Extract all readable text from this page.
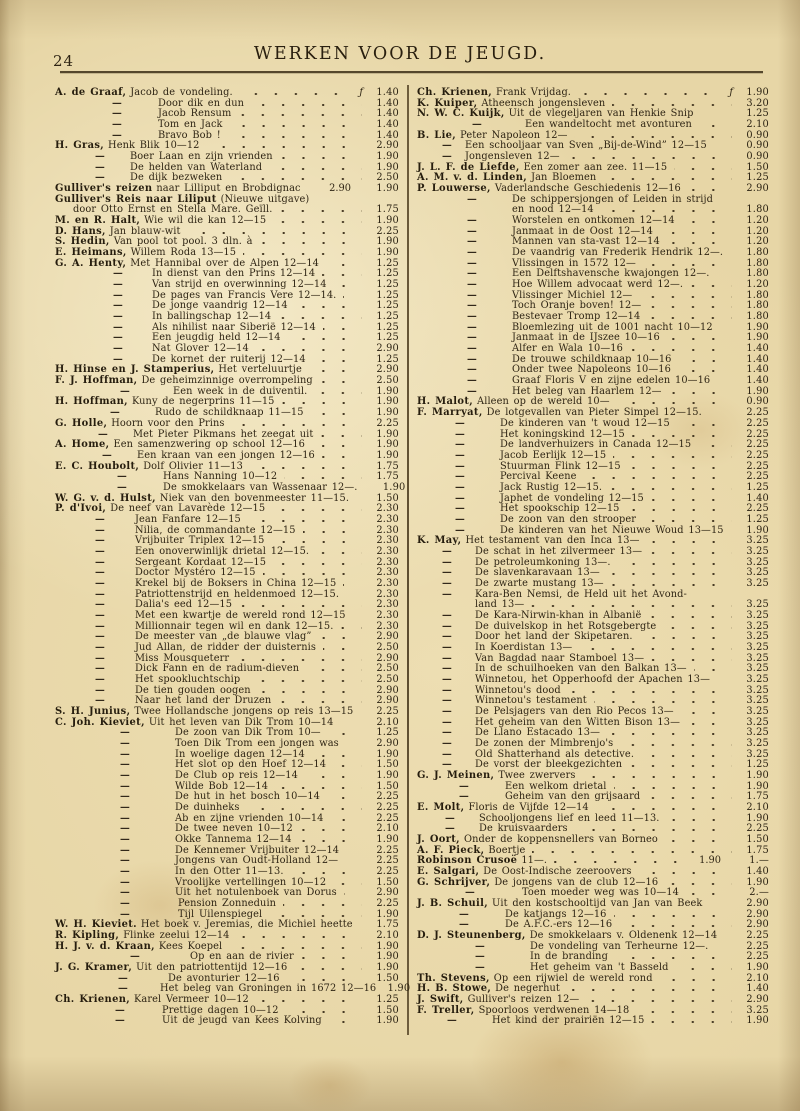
24	WERKEN VOOR DE JEUGD.
A. de Graaf, Jacob de vondeling.	ƒ	1.40
—	Door dik en dun	1.40
—	Jacob Rensum	1.40
—	Tom en Jack	1.40
—	Bravo Bob !	1.40
H. Gras, Henk Blik 10—12	2.90
—	Boer Laan en zijn vrienden	1.90
—	De helden van Waterland	1.90
—	De dijk bezweken	2.50
Gulliver's reizen naar Lilliput en Brobdignac	2.90	1.90
Gulliver's Reis naar Liliput (Nieuwe uitgave)
door Otto Ernst en Stella Mare. Geïll.	1.75
M. en R. Halt, Wie wil die kan 12—15	1.90
D. Hans, Jan blauw-wit	2.25
S. Hedin, Van pool tot pool. 3 dln. à	1.90
E. Heimans, Willem Roda 13—15	1.90
G. A. Henty, Met Hannibal over de Alpen 12—14	1.25
—	In dienst van den Prins 12—14	1.25
—	Van strijd en overwinning 12—14	1.25
—	De pages van Francis Vere 12—14.	1.25
—	De jonge vaandrig 12—14	1.25
—	In ballingschap 12—14	1.25
—	Als nihilist naar Siberië 12—14	1.25
—	Een jeugdig held 12—14	1.25
—	Nat Glover 12—14	2.90
—	De kornet der ruiterij 12—14	1.25
H. Hinse en J. Stamperius, Het verteluurtje	2.90
F. J. Hoffman, De geheimzinnige overrompeling	2.50
—	Een week in de duiventil.	1.90
H. Hoffman, Kuny de negerprins 11—15	1.90
—	Rudo de schildknaap 11—15	1.90
G. Holle, Hoorn voor den Prins	2.25
—	Met Pieter Pikmans het zeegat uit	1.90
A. Home, Een samenzwering op school 12—16	1.90
—	Een kraan van een jongen 12—16	1.90
E. C. Houbolt, Dolf Olivier 11—13	1.75
—	Hans Nanning 10—12	1.75
—	De smokkelaars van Wassenaar 12—.	1.90
W. G. v. d. Hulst, Niek van den bovenmeester 11—15.	1.50
P. d'Ivoi, De neef van Lavarède 12—15	2.30
—	Jean Fanfare 12—15	2.30
—	Nilia, de commandante 12—15	2.30
—	Vrijbuiter Triplex 12—15	2.30
—	Een onoverwinlijk drietal 12—15.	2.30
—	Sergeant Kordaat 12—15	2.30
—	Doctor Mystéro 12—15	2.30
—	Krekel bij de Boksers in China 12—15	2.30
—	Patriottenstrijd en heldenmoed 12—15.	2.30
—	Dalia's eed 12—15	2.30
—	Met een kwartje de wereld rond 12—15	2.30
—	Millionnair tegen wil en dank 12—15.	2.30
—	De meester van „de blauwe vlag”	2.90
—	Jud Allan, de ridder der duisternis	2.50
—	Miss Mousqueterr	2.90
—	Dick Fann en de radium-dieven	2.50
—	Het spookluchtschip	2.50
—	De tien gouden oogen	2.90
—	Naar het land der Druzen	2.90
S. H. Junius, Twee Hollandsche jongens op reis 13—15	2.25
C. Joh. Kieviet, Uit het leven van Dik Trom 10—14	2.10
—	De zoon van Dik Trom 10—	1.25
—	Toen Dik Trom een jongen was	2.90
—	In woelige dagen 12—14	1.90
—	Het slot op den Hoef 12—14	1.50
—	De Club op reis 12—14	1.90
—	Wilde Bob 12—14	1.50
—	De hut in het bosch 10—14	2.25
—	De duinheks	2.25
—	Ab en zijne vrienden 10—14	2.25
—	De twee neven 10—12	2.10
—	Okke Tannema 12—14	1.90
—	De Kennemer Vrijbuiter 12—14	2.25
—	Jongens van Oudt-Holland 12—	2.25
—	In den Otter 11—13.	2.25
—	Vroolijke vertellingen 10—12	1.50
—	Uit het notulenboek van Dorus	2.90
—	Pension Zonneduin	2.25
—	Tijl Uilenspiegel	1.90
W. H. Kieviet. Het boek v. Jeremias, die Michiel heette	1.75
R. Kipling, Flinke zeelui 12—14	2.10
H. J. v. d. Kraan, Kees Koepel	1.90
—	Op en aan de rivier	1.90
J. G. Kramer, Uit den patriottentijd 12—16	1.90
—	De avonturier 12—16	1.50
—	Het beleg van Groningen in 1672 12—16	1.90
Ch. Krienen, Karel Vermeer 10—12	1.25
—	Prettige dagen 10—12	1.50
—	Uit de jeugd van Kees Kolving	1.90
Ch. Krienen, Frank Vrijdag.	ƒ	1.90
K. Kuiper, Atheensch jongensleven	3.20
N. W. C. Kuijk, Uit de vlegeljaren van Henkie Snip	1.25
—	Een wandeltocht met avonturen	2.10
B. Lie, Peter Napoleon 12—	0.90
— Een schooljaar van Sven „Bij-de-Wind” 12—15	0.90
— Jongensleven 12—	0.90
J. L. F. de Liefde, Een zomer aan zee. 11—15	1.50
A. M. v. d. Linden, Jan Bloemen	1.25
P. Louwerse, Vaderlandsche Geschiedenis 12—16	2.90
—	De schippersjongen of Leiden in strijd
en nood 12—14	1.80
—	Worstelen en ontkomen 12—14	1.20
—	Janmaat in de Oost 12—14	1.20
—	Mannen van sta-vast 12—14	1.20
—	De vaandrig van Frederik Hendrik 12—.	1.80
—	Vlissingen in 1572 12—	1.80
—	Een Delftshavensche kwajongen 12—.	1.80
—	Hoe Willem advocaat werd 12—.	1.20
—	Vlissinger Michiel 12—	1.80
—	Toch Oranje boven! 12—	1.80
—	Bestevaer Tromp 12—14	1.80
—	Bloemlezing uit de 1001 nacht 10—12	1.90
—	Janmaat in de IJszee 10—16	1.90
—	Alfer en Wala 10—16	1.40
—	De trouwe schildknaap 10—16	1.40
—	Onder twee Napoleons 10—16	1.40
—	Graaf Floris V en zijne edelen 10—16	1.40
—	Het beleg van Haarlem 12—	1.90
H. Malot, Alleen op de wereld 10—	0.90
F. Marryat, De lotgevallen van Pieter Simpel 12—15.	2.25
—	De kinderen van 't woud 12—15	2.25
—	Het koningskind 12—15	2.25
—	De landverhuizers in Canada 12—15	2.25
—	Jacob Eerlijk 12—15	2.25
—	Stuurman Flink 12—15	2.25
—	Percival Keene	2.25
—	Jack Rustig 12—15.	1.25
—	Japhet de vondeling 12—15	1.40
—	Het spookschip 12—15	2.25
—	De zoon van den strooper	1.25
—	De kinderen van het Nieuwe Woud 13—15	1.90
K. May, Het testament van den Inca 13—	3.25
— De schat in het zilvermeer 13—	3.25
— De petroleumkoning 13—.	3.25
— De slavenkaravaan 13—	3.25
— De zwarte mustang 13—	3.25
— Kara-Ben Nemsi, de Held uit het Avond-
land 13—	3.25
— De Kara-Nirwin-khan in Albanië	3.25
— De duivelskop in het Rotsgebergte	3.25
— Door het land der Skipetaren.	3.25
— In Koerdistan 13—	3.25
— Van Bagdad naar Stamboel 13—	3.25
— In de schuilhoeken van den Balkan 13—	3.25
— Winnetou, het Opperhoofd der Apachen 13—	3.25
— Winnetou's dood	3.25
— Winnetou's testament	3.25
— De Pelsjagers van den Rio Pecos 13—	3.25
— Het geheim van den Witten Bison 13—	3.25
— De Llano Estacado 13—	3.25
— De zonen der Mimbrenjo's	3.25
— Old Shatterhand als detective.	3.25
— De vorst der bleekgezichten	1.25
G. J. Meinen, Twee zwervers	1.90
—	Een welkom drietal	1.90
—	Geheim van den grijsaard	1.75
E. Molt, Floris de Vijfde 12—14	2.10
— Schooljongens lief en leed 11—13.	1.90
— De kruisvaarders	2.25
J. Oort, Onder de koppensnellers van Borneo	1.50
A. F. Pieck, Boertje	1.75
Robinson Crusoë 11—.	1.90	1.—
E. Salgari, De Oost-Indische zeeroovers	1.40
G. Schrijver, De jongens van de club 12—16	1.90
—	Toen moeder weg was 10—14	2.—
J. B. Schuil, Uit den kostschooltijd van Jan van Beek	2.90
—	De katjangs 12—16	2.90
—	De A.F.C.-ers 12—16	2.90
D. J. Steunenberg, De smokkelaars v. Oldenenk 12—14	2.25
—	De vondeling van Terheurne 12—.	2.25
—	In de branding	2.25
—	Het geheim van 't Basseld	1.90
Th. Stevens, Op een rijwiel de wereld rond	2.10
H. B. Stowe, De negerhut	1.40
J. Swift, Gulliver's reizen 12—	2.90
F. Treller, Spoorloos verdwenen 14—18	3.25
—	Het kind der prairiën 12—15	1.90
